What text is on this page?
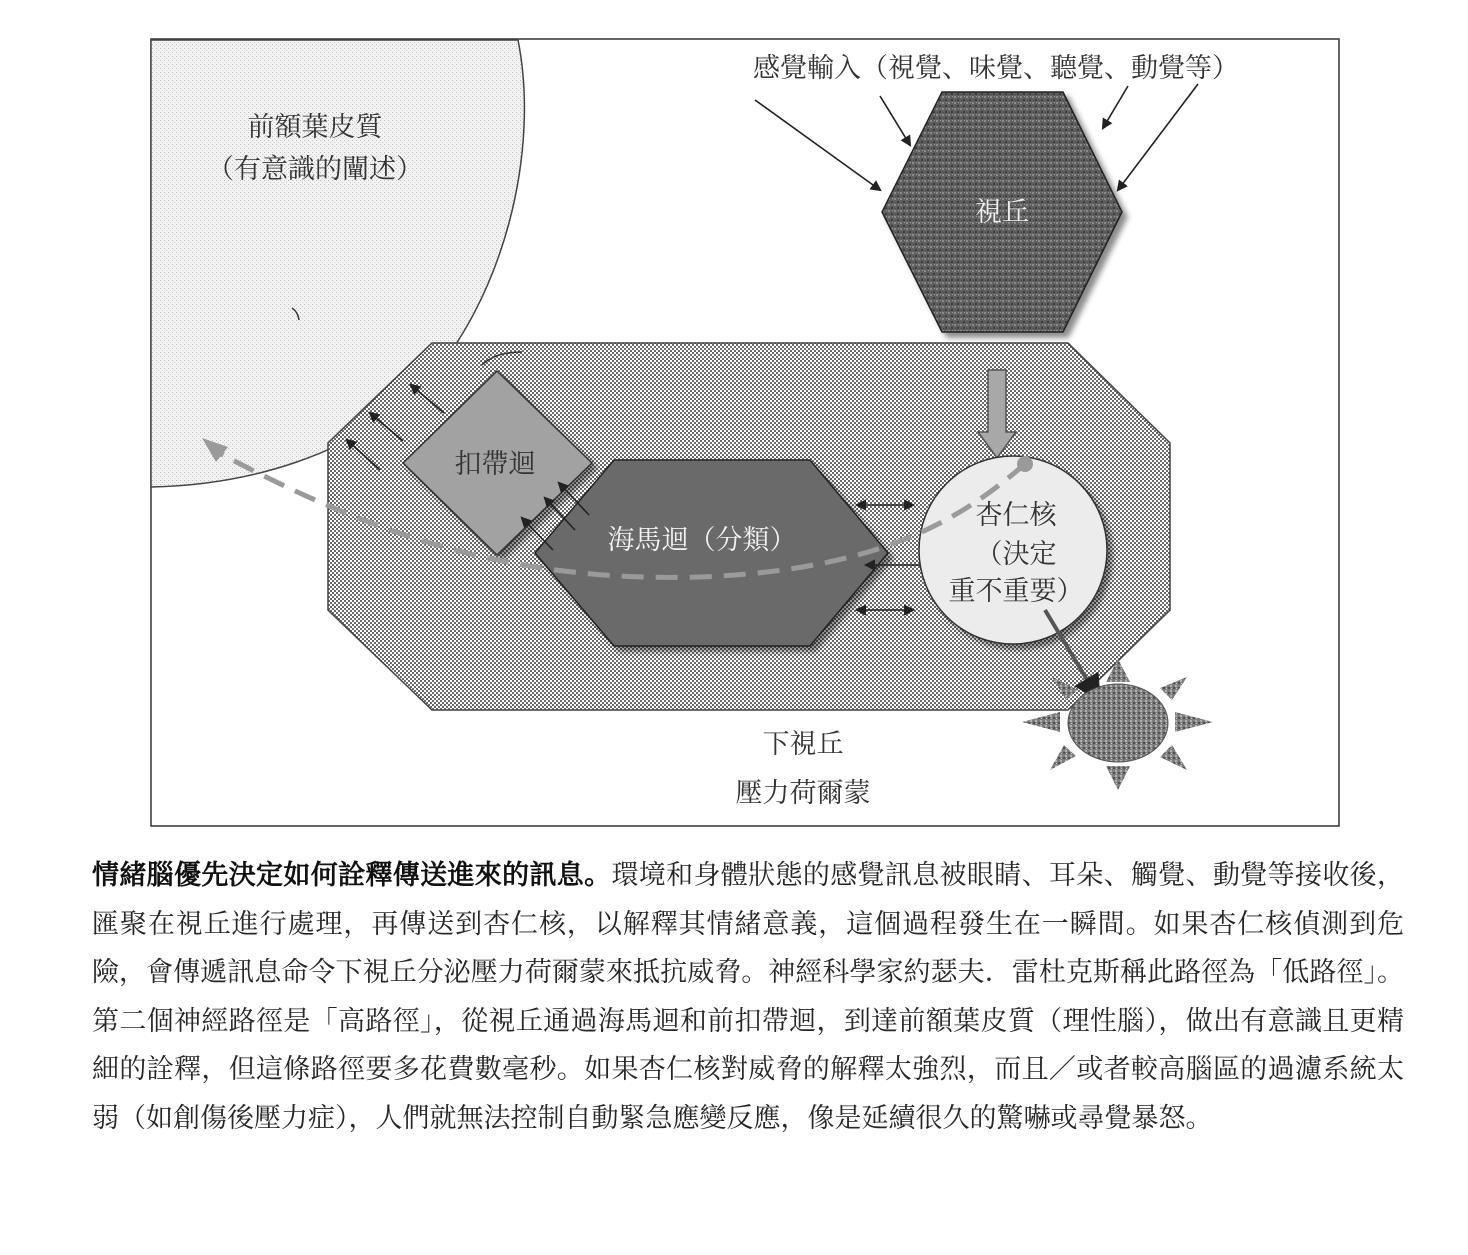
前額葉皮質
（有意識的闡述）
感覺輸入（視覺、味覺、聽覺、動覺等）
視丘
扣帶迴
海馬迴（分類）
杏仁核
（決定
重不重要）
下視丘
壓力荷爾蒙
情緒腦優先決定如何詮釋傳送進來的訊息。環境和身體狀態的感覺訊息被眼睛、耳朵、觸覺、動覺等接收後，匯聚在視丘進行處理，再傳送到杏仁核，以解釋其情緒意義，這個過程發生在一瞬間。如果杏仁核偵測到危險，會傳遞訊息命令下視丘分泌壓力荷爾蒙來抵抗威脅。神經科學家約瑟夫．雷杜克斯稱此路徑為「低路徑」。第二個神經路徑是「高路徑」，從視丘通過海馬迴和前扣帶迴，到達前額葉皮質（理性腦），做出有意識且更精細的詮釋，但這條路徑要多花費數毫秒。如果杏仁核對威脅的解釋太強烈，而且／或者較高腦區的過濾系統太弱（如創傷後壓力症），人們就無法控制自動緊急應變反應，像是延續很久的驚嚇或尋覺暴怒。
